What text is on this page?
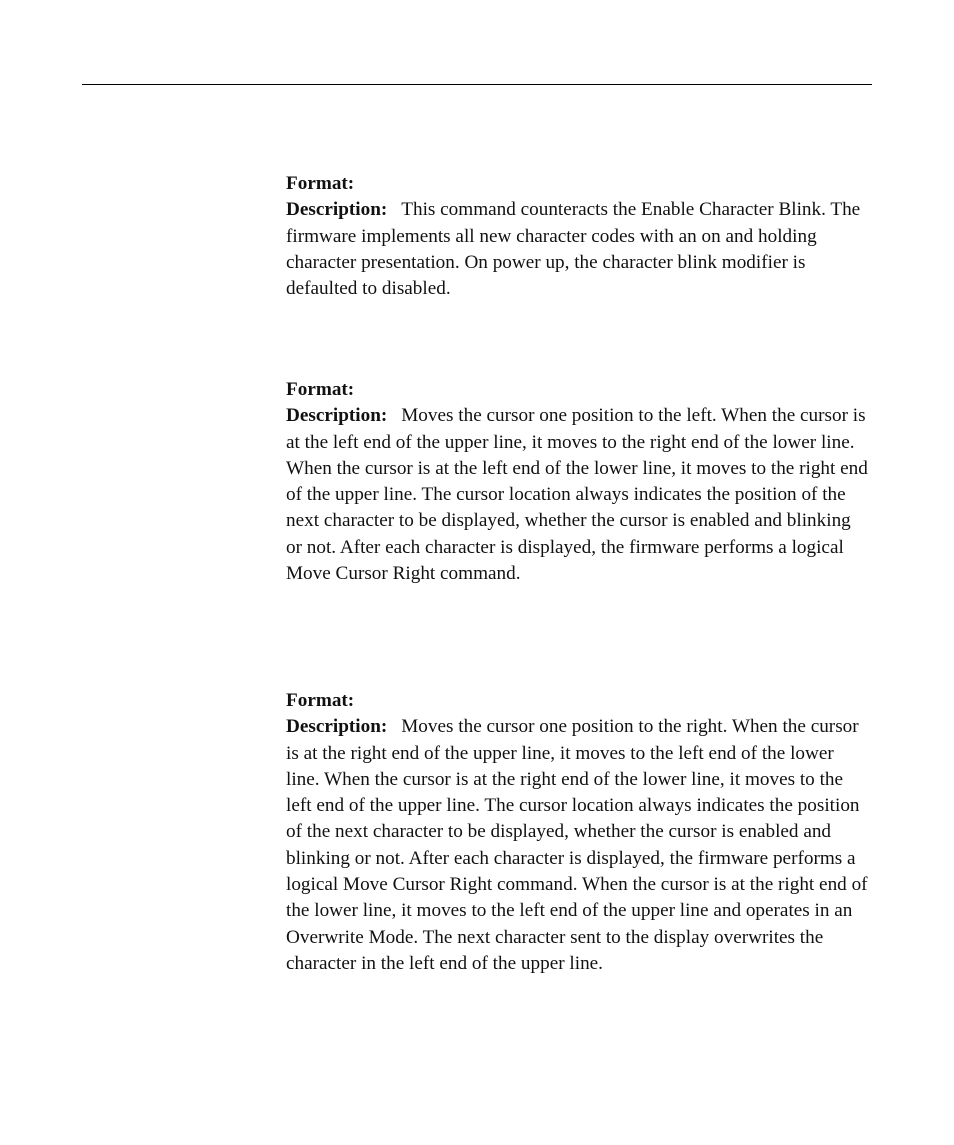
Format:

Description: This command counteracts the Enable Character Blink. The firmware implements all new character codes with an on and holding character presentation. On power up, the character blink modifier is defaulted to disabled.

Format:

Description: Moves the cursor one position to the left. When the cursor is at the left end of the upper line, it moves to the right end of the lower line. When the cursor is at the left end of the lower line, it moves to the right end of the upper line. The cursor location always indicates the position of the next character to be displayed, whether the cursor is enabled and blinking or not. After each character is displayed, the firmware performs a logical Move Cursor Right command.

Format:

Description: Moves the cursor one position to the right. When the cursor is at the right end of the upper line, it moves to the left end of the lower line. When the cursor is at the right end of the lower line, it moves to the left end of the upper line. The cursor location always indicates the position of the next character to be displayed, whether the cursor is enabled and blinking or not. After each character is displayed, the firmware performs a logical Move Cursor Right command. When the cursor is at the right end of the lower line, it moves to the left end of the upper line and operates in an Overwrite Mode. The next character sent to the display overwrites the character in the left end of the upper line.
